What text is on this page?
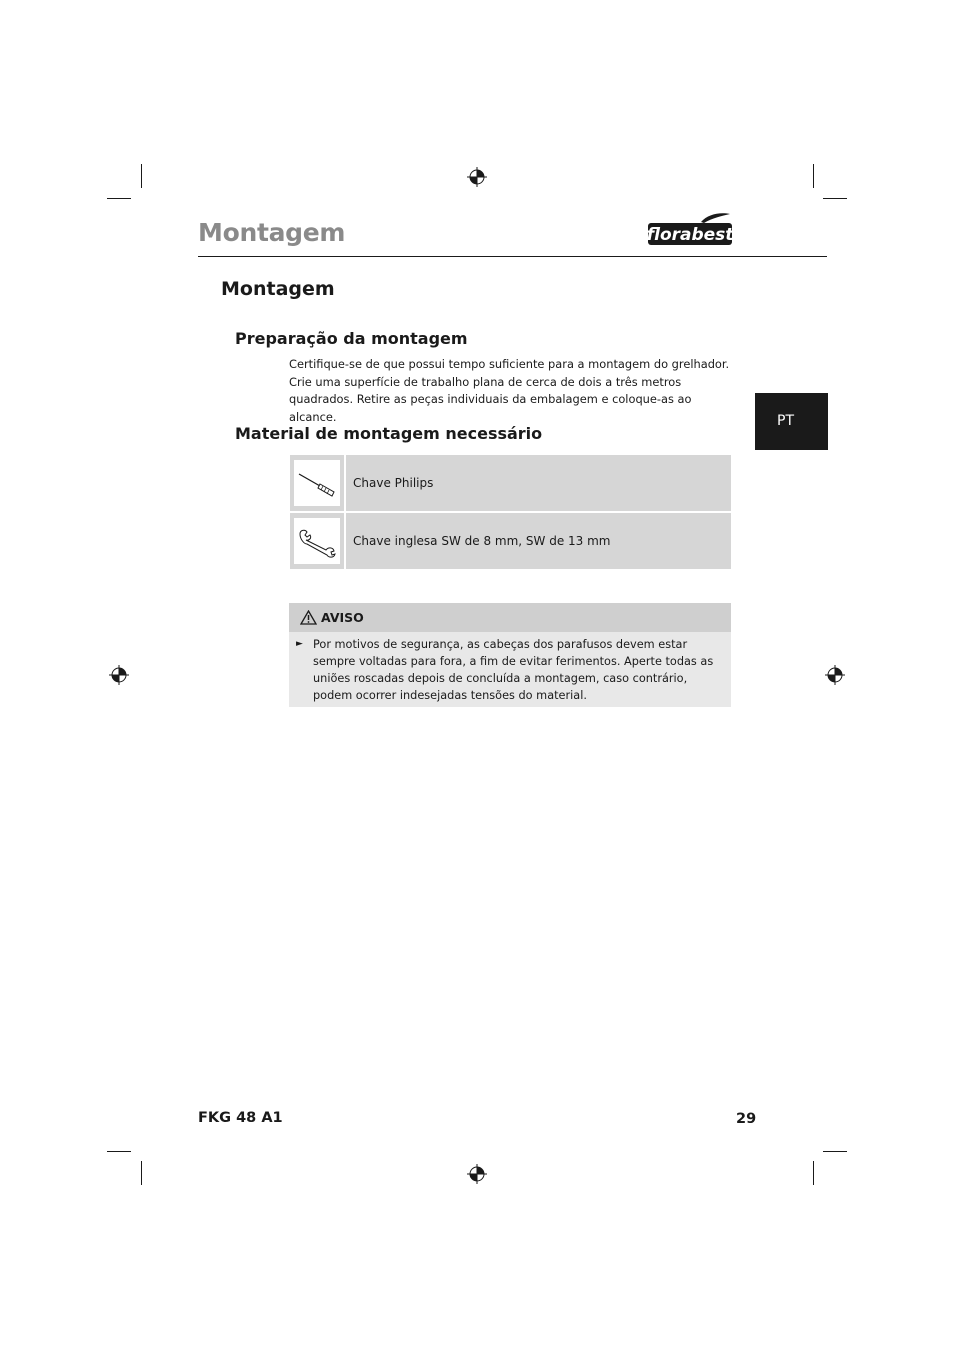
Montagem	florabest
PT
Montagem
Preparação da montagem
Certifique-se de que possui tempo suficiente para a montagem do grelhador. Crie uma superfície de trabalho plana de cerca de dois a três metros quadrados. Retire as peças individuais da embalagem e coloque-as ao alcance.
Material de montagem necessário
Chave Philips
Chave inglesa SW de 8 mm, SW de 13 mm
AVISO
► Por motivos de segurança, as cabeças dos parafusos devem estar sempre voltadas para fora, a fim de evitar ferimentos. Aperte todas as uniões roscadas depois de concluída a montagem, caso contrário, podem ocorrer indesejadas tensões do material.
FKG 48 A1	29
